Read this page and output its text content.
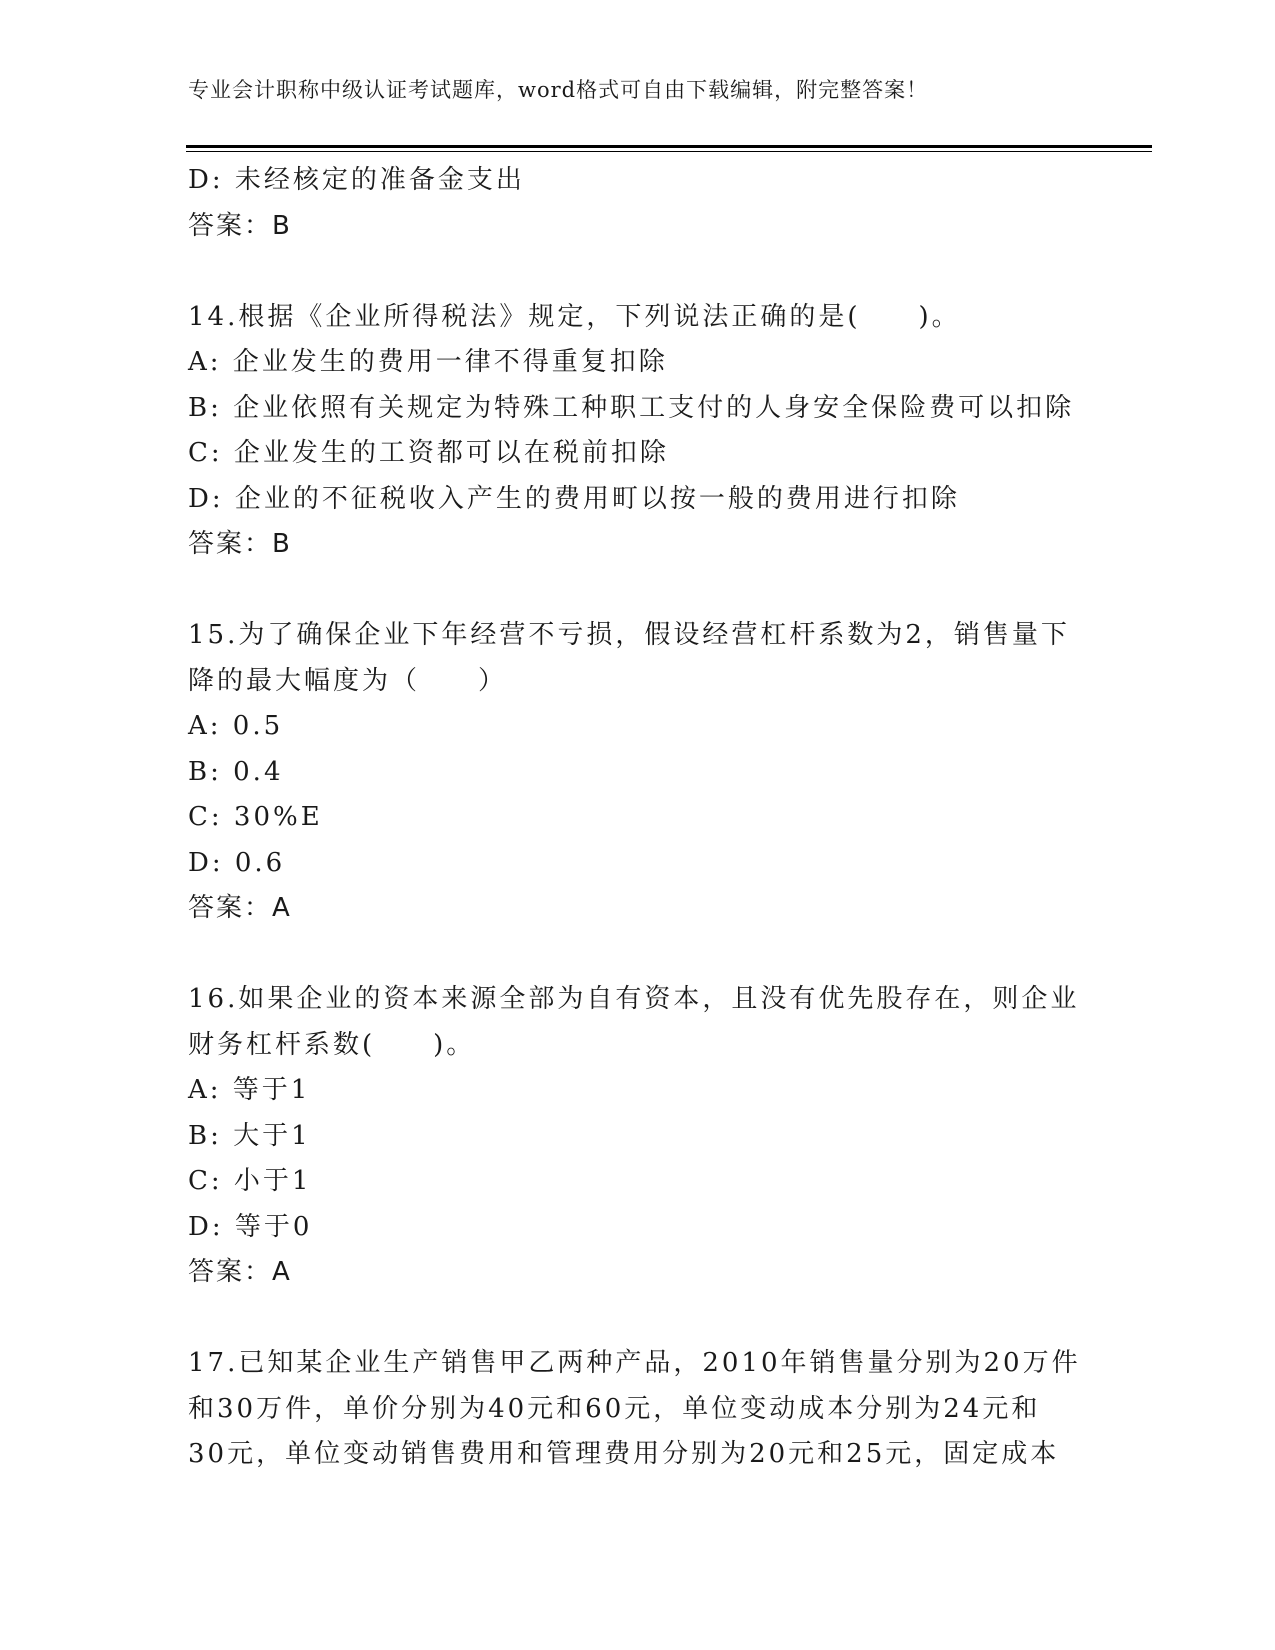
专业会计职称中级认证考试题库，word格式可自由下载编辑，附完整答案！
D: 未经核定的准备金支出
答案：B
14.根据《企业所得税法》规定，下列说法正确的是(　　)。
A: 企业发生的费用一律不得重复扣除
B: 企业依照有关规定为特殊工种职工支付的人身安全保险费可以扣除
C: 企业发生的工资都可以在税前扣除
D: 企业的不征税收入产生的费用町以按一般的费用进行扣除
答案：B
15.为了确保企业下年经营不亏损，假设经营杠杆系数为2，销售量下
降的最大幅度为（　　）
A: 0.5
B: 0.4
C: 30%E
D: 0.6
答案：A
16.如果企业的资本来源全部为自有资本，且没有优先股存在，则企业
财务杠杆系数(　　)。
A: 等于1
B: 大于1
C: 小于1
D: 等于0
答案：A
17.已知某企业生产销售甲乙两种产品，2010年销售量分别为20万件
和30万件，单价分别为40元和60元，单位变动成本分别为24元和
30元，单位变动销售费用和管理费用分别为20元和25元，固定成本
